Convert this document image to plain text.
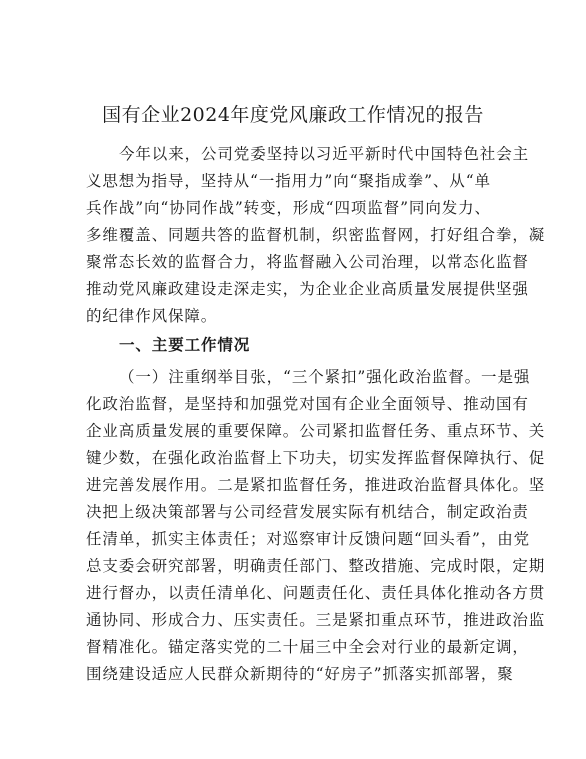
国有企业2024年度党风廉政工作情况的报告
今年以来，公司党委坚持以习近平新时代中国特色社会主
义思想为指导，坚持从“一指用力”向“聚指成拳”、从“单
兵作战”向“协同作战”转变，形成“四项监督”同向发力、
多维覆盖、同题共答的监督机制，织密监督网，打好组合拳，凝
聚常态长效的监督合力，将监督融入公司治理，以常态化监督
推动党风廉政建设走深走实，为企业企业高质量发展提供坚强
的纪律作风保障。
一、主要工作情况
（一）注重纲举目张，“三个紧扣”强化政治监督。一是强
化政治监督，是坚持和加强党对国有企业全面领导、推动国有
企业高质量发展的重要保障。公司紧扣监督任务、重点环节、关
键少数，在强化政治监督上下功夫，切实发挥监督保障执行、促
进完善发展作用。二是紧扣监督任务，推进政治监督具体化。坚
决把上级决策部署与公司经营发展实际有机结合，制定政治责
任清单，抓实主体责任；对巡察审计反馈问题“回头看”，由党
总支委会研究部署，明确责任部门、整改措施、完成时限，定期
进行督办，以责任清单化、问题责任化、责任具体化推动各方贯
通协同、形成合力、压实责任。三是紧扣重点环节，推进政治监
督精准化。锚定落实党的二十届三中全会对行业的最新定调，
围绕建设适应人民群众新期待的“好房子”抓落实抓部署，聚
